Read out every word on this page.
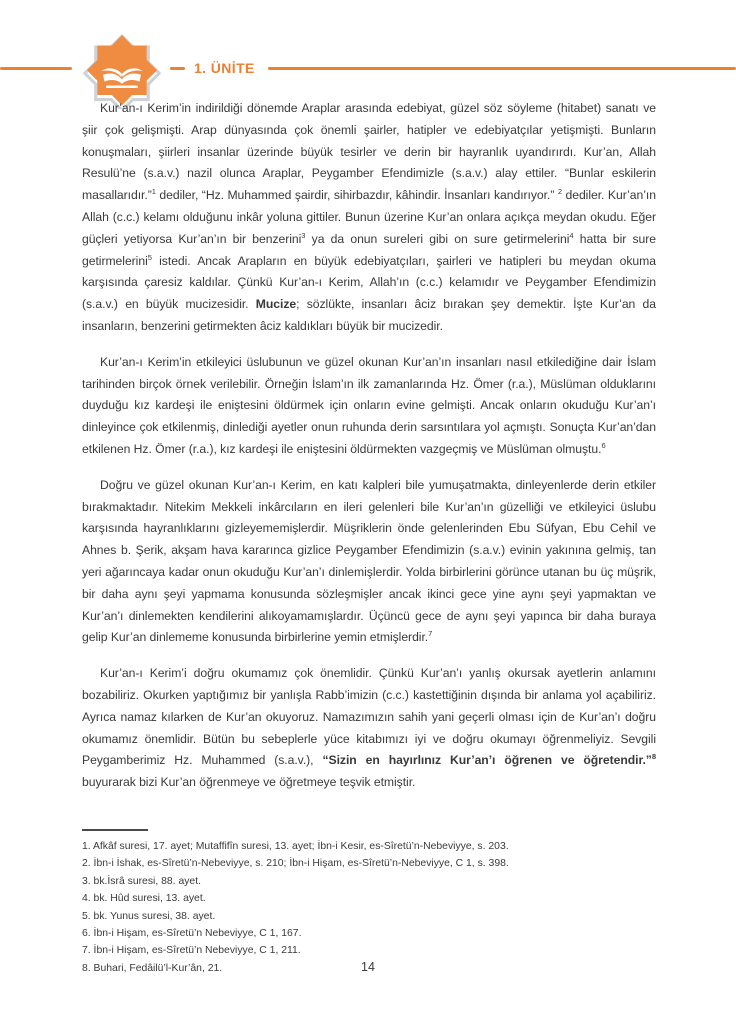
1. ÜNİTE

Kur’an-ı Kerim’in indirildiği dönemde Araplar arasında edebiyat, güzel söz söyleme (hitabet) sanatı ve şiir çok gelişmişti. Arap dünyasında çok önemli şairler, hatipler ve edebiyatçılar yetişmişti. Bunların konuşmaları, şiirleri insanlar üzerinde büyük tesirler ve derin bir hayranlık uyandırırdı. Kur’an, Allah Resulü’ne (s.a.v.) nazil olunca Araplar, Peygamber Efendimizle (s.a.v.) alay ettiler. “Bunlar eskilerin masallarıdır.”$^1$ dediler, “Hz. Muhammed şairdir, sihirbazdır, kâhindir. İnsanları kandırıyor.” $^2$ dediler. Kur’an’ın Allah (c.c.) kelamı olduğunu inkâr yoluna gittiler. Bunun üzerine Kur’an onlara açıkça meydan okudu. Eğer güçleri yetiyorsa Kur’an’ın bir benzerini$^3$ ya da onun sureleri gibi on sure getirmelerini$^4$ hatta bir sure getirmelerini$^5$ istedi. Ancak Arapların en büyük edebiyatçıları, şairleri ve hatipleri bu meydan okuma karşısında çaresiz kaldılar. Çünkü Kur’an-ı Kerim, Allah’ın (c.c.) kelamıdır ve Peygamber Efendimizin (s.a.v.) en büyük mucizesidir. Mucize; sözlükte, insanları âciz bırakan şey demektir. İşte Kur’an da insanların, benzerini getirmekten âciz kaldıkları büyük bir mucizedir.

Kur’an-ı Kerim’in etkileyici üslubunun ve güzel okunan Kur’an’ın insanları nasıl etkilediğine dair İslam tarihinden birçok örnek verilebilir. Örneğin İslam’ın ilk zamanlarında Hz. Ömer (r.a.), Müslüman olduklarını duyduğu kız kardeşi ile eniştesini öldürmek için onların evine gelmişti. Ancak onların okuduğu Kur’an’ı dinleyince çok etkilenmiş, dinlediği ayetler onun ruhunda derin sarsıntılara yol açmıştı. Sonuçta Kur’an’dan etkilenen Hz. Ömer (r.a.), kız kardeşi ile eniştesini öldürmekten vazgeçmiş ve Müslüman olmuştu.$^6$

Doğru ve güzel okunan Kur’an-ı Kerim, en katı kalpleri bile yumuşatmakta, dinleyenlerde derin etkiler bırakmaktadır. Nitekim Mekkeli inkârcıların en ileri gelenleri bile Kur’an’ın güzelliği ve etkileyici üslubu karşısında hayranlıklarını gizleyememişlerdir. Müşriklerin önde gelenlerinden Ebu Süfyan, Ebu Cehil ve Ahnes b. Şerik, akşam hava kararınca gizlice Peygamber Efendimizin (s.a.v.) evinin yakınına gelmiş, tan yeri ağarıncaya kadar onun okuduğu Kur’an’ı dinlemişlerdir. Yolda birbirlerini görünce utanan bu üç müşrik, bir daha aynı şeyi yapmama konusunda sözleşmişler ancak ikinci gece yine aynı şeyi yapmaktan ve Kur’an’ı dinlemekten kendilerini alıkoyamamışlardır. Üçüncü gece de aynı şeyi yapınca bir daha buraya gelip Kur’an dinlememe konusunda birbirlerine yemin etmişlerdir.$^7$

Kur’an-ı Kerim’i doğru okumamız çok önemlidir. Çünkü Kur’an’ı yanlış okursak ayetlerin anlamını bozabiliriz. Okurken yaptığımız bir yanlışla Rabb’imizin (c.c.) kastettiğinin dışında bir anlama yol açabiliriz. Ayrıca namaz kılarken de Kur’an okuyoruz. Namazımızın sahih yani geçerli olması için de Kur’an’ı doğru okumamız önemlidir. Bütün bu sebeplerle yüce kitabımızı iyi ve doğru okumayı öğrenmeliyiz. Sevgili Peygamberimiz Hz. Muhammed (s.a.v.), “Sizin en hayırlınız Kur’an’ı öğrenen ve öğretendir.”$^8$ buyurarak bizi Kur’an öğrenmeye ve öğretmeye teşvik etmiştir.

1. Afkâf suresi, 17. ayet; Mutaffifîn suresi, 13. ayet; İbn-i Kesir, es-Sîretü’n-Nebeviyye, s. 203.
2. İbn-i İshak, es-Sîretü’n-Nebeviyye, s. 210; İbn-i Hişam, es-Sîretü’n-Nebeviyye, C 1, s. 398.
3. bk.İsrâ suresi, 88. ayet.
4. bk. Hûd suresi, 13. ayet.
5. bk. Yunus suresi, 38. ayet.
6. İbn-i Hişam, es-Sîretü’n Nebeviyye, C 1, 167.
7. İbn-i Hişam, es-Sîretü’n Nebeviyye, C 1, 211.
8. Buhari, Fedâilü’l-Kur’ân, 21.	14
